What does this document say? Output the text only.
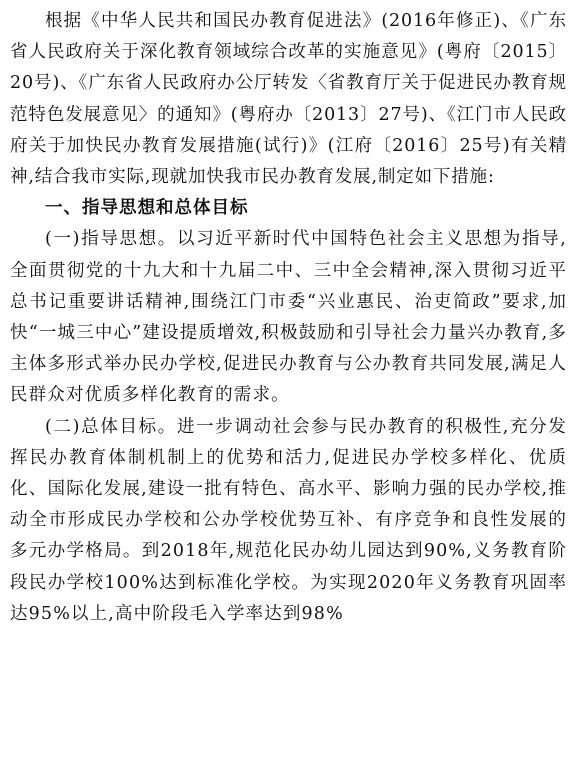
根据《中华人民共和国民办教育促进法》(2016年修正)、《广东省人民政府关于深化教育领域综合改革的实施意见》(粤府〔2015〕20号)、《广东省人民政府办公厅转发〈省教育厅关于促进民办教育规范特色发展意见〉的通知》(粤府办〔2013〕27号)、《江门市人民政府关于加快民办教育发展措施(试行)》(江府〔2016〕25号)有关精神,结合我市实际,现就加快我市民办教育发展,制定如下措施:

一、指导思想和总体目标

(一)指导思想。以习近平新时代中国特色社会主义思想为指导,全面贯彻党的十九大和十九届二中、三中全会精神,深入贯彻习近平总书记重要讲话精神,围绕江门市委“兴业惠民、治吏简政”要求,加快“一城三中心”建设提质增效,积极鼓励和引导社会力量兴办教育,多主体多形式举办民办学校,促进民办教育与公办教育共同发展,满足人民群众对优质多样化教育的需求。

(二)总体目标。进一步调动社会参与民办教育的积极性,充分发挥民办教育体制机制上的优势和活力,促进民办学校多样化、优质化、国际化发展,建设一批有特色、高水平、影响力强的民办学校,推动全市形成民办学校和公办学校优势互补、有序竞争和良性发展的多元办学格局。到2018年,规范化民办幼儿园达到90%,义务教育阶段民办学校100%达到标准化学校。为实现2020年义务教育巩固率达95%以上,高中阶段毛入学率达到98%
